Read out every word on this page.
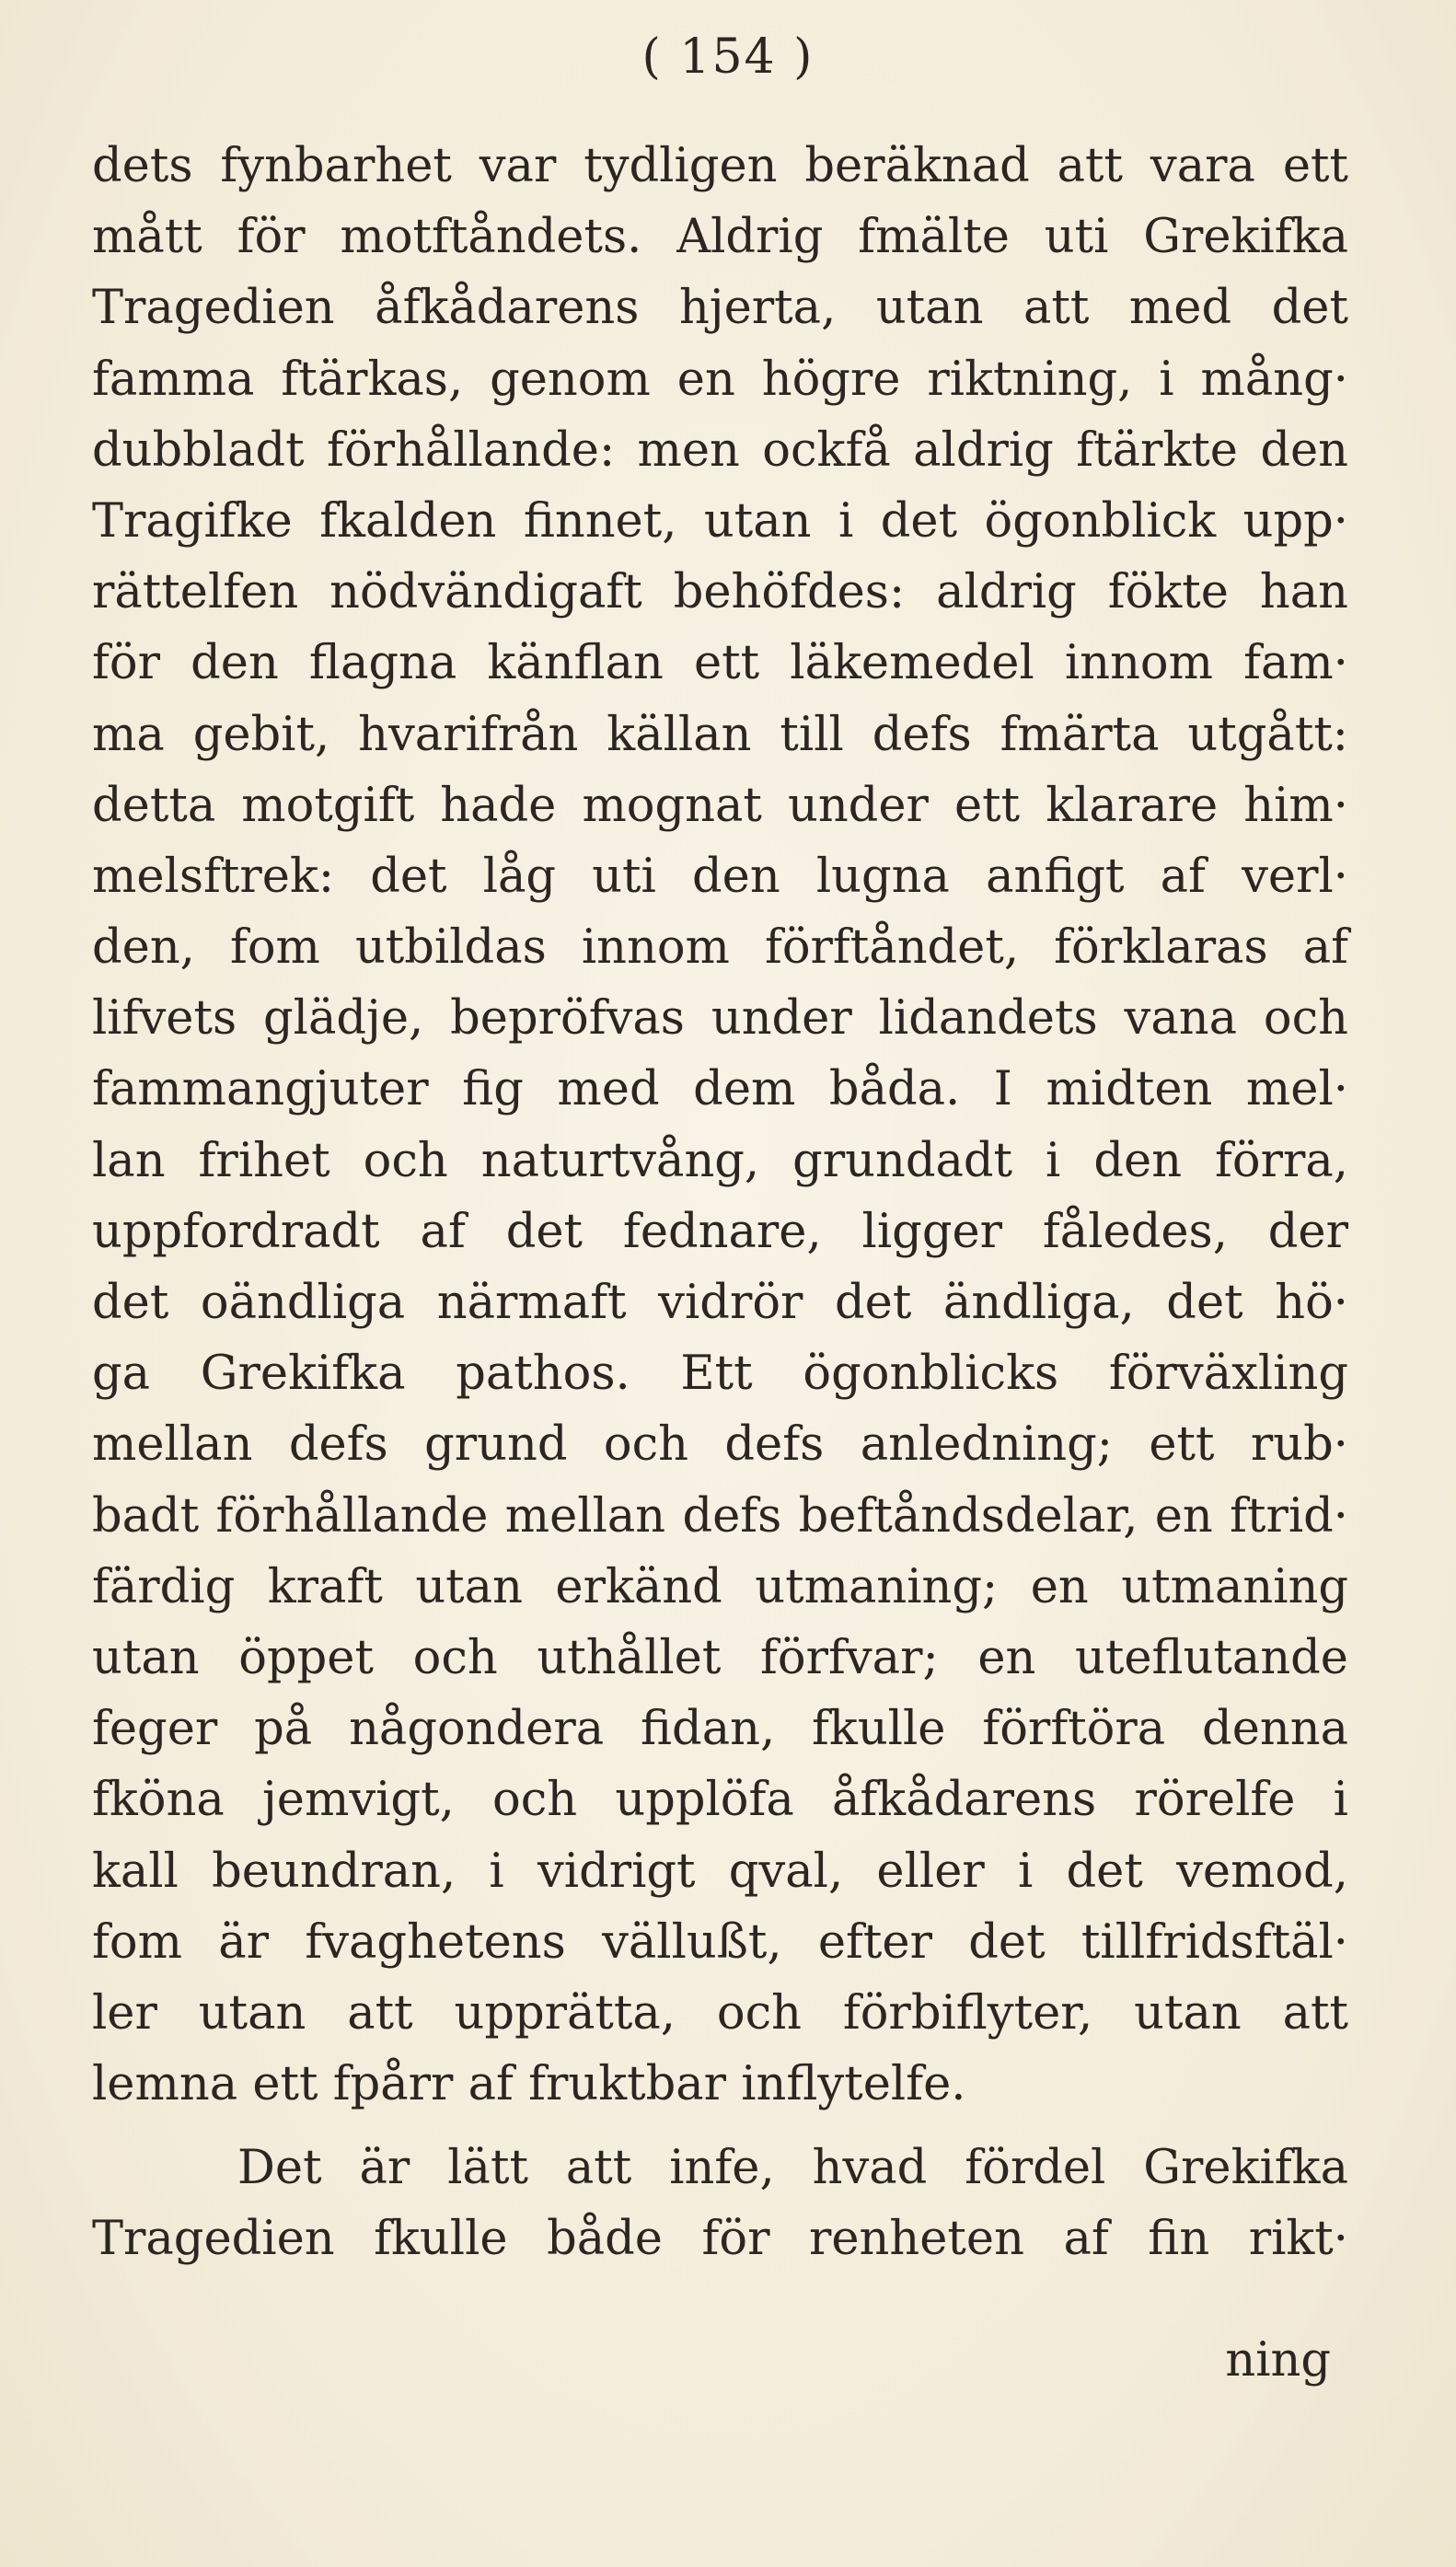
( 154 )
dets fynbarhet var tydligen beräknad att vara ett
mått för motftåndets. Aldrig fmälte uti Grekifka
Tragedien åfkådarens hjerta, utan att med det
famma ftärkas, genom en högre riktning, i mång·
dubbladt förhållande: men ockfå aldrig ftärkte den
Tragifke fkalden finnet, utan i det ögonblick upp·
rättelfen nödvändigaft behöfdes: aldrig fökte han
för den flagna känflan ett läkemedel innom fam·
ma gebit, hvarifrån källan till defs fmärta utgått:
detta motgift hade mognat under ett klarare him·
melsftrek: det låg uti den lugna anfigt af verl·
den, fom utbildas innom förftåndet, förklaras af
lifvets glädje, bepröfvas under lidandets vana och
fammangjuter fig med dem båda. I midten mel·
lan frihet och naturtvång, grundadt i den förra,
uppfordradt af det fednare, ligger fåledes, der
det oändliga närmaft vidrör det ändliga, det hö·
ga Grekifka pathos. Ett ögonblicks förväxling
mellan defs grund och defs anledning; ett rub·
badt förhållande mellan defs beftåndsdelar, en ftrid·
färdig kraft utan erkänd utmaning; en utmaning
utan öppet och uthållet förfvar; en uteflutande
feger på någondera fidan, fkulle förftöra denna
fköna jemvigt, och upplöfa åfkådarens rörelfe i
kall beundran, i vidrigt qval, eller i det vemod,
fom är fvaghetens vällußt, efter det tillfridsftäl·
ler utan att upprätta, och förbiflyter, utan att
lemna ett fpårr af fruktbar inflytelfe.
Det är lätt att infe, hvad fördel Grekifka
Tragedien fkulle både för renheten af fin rikt·
ning
